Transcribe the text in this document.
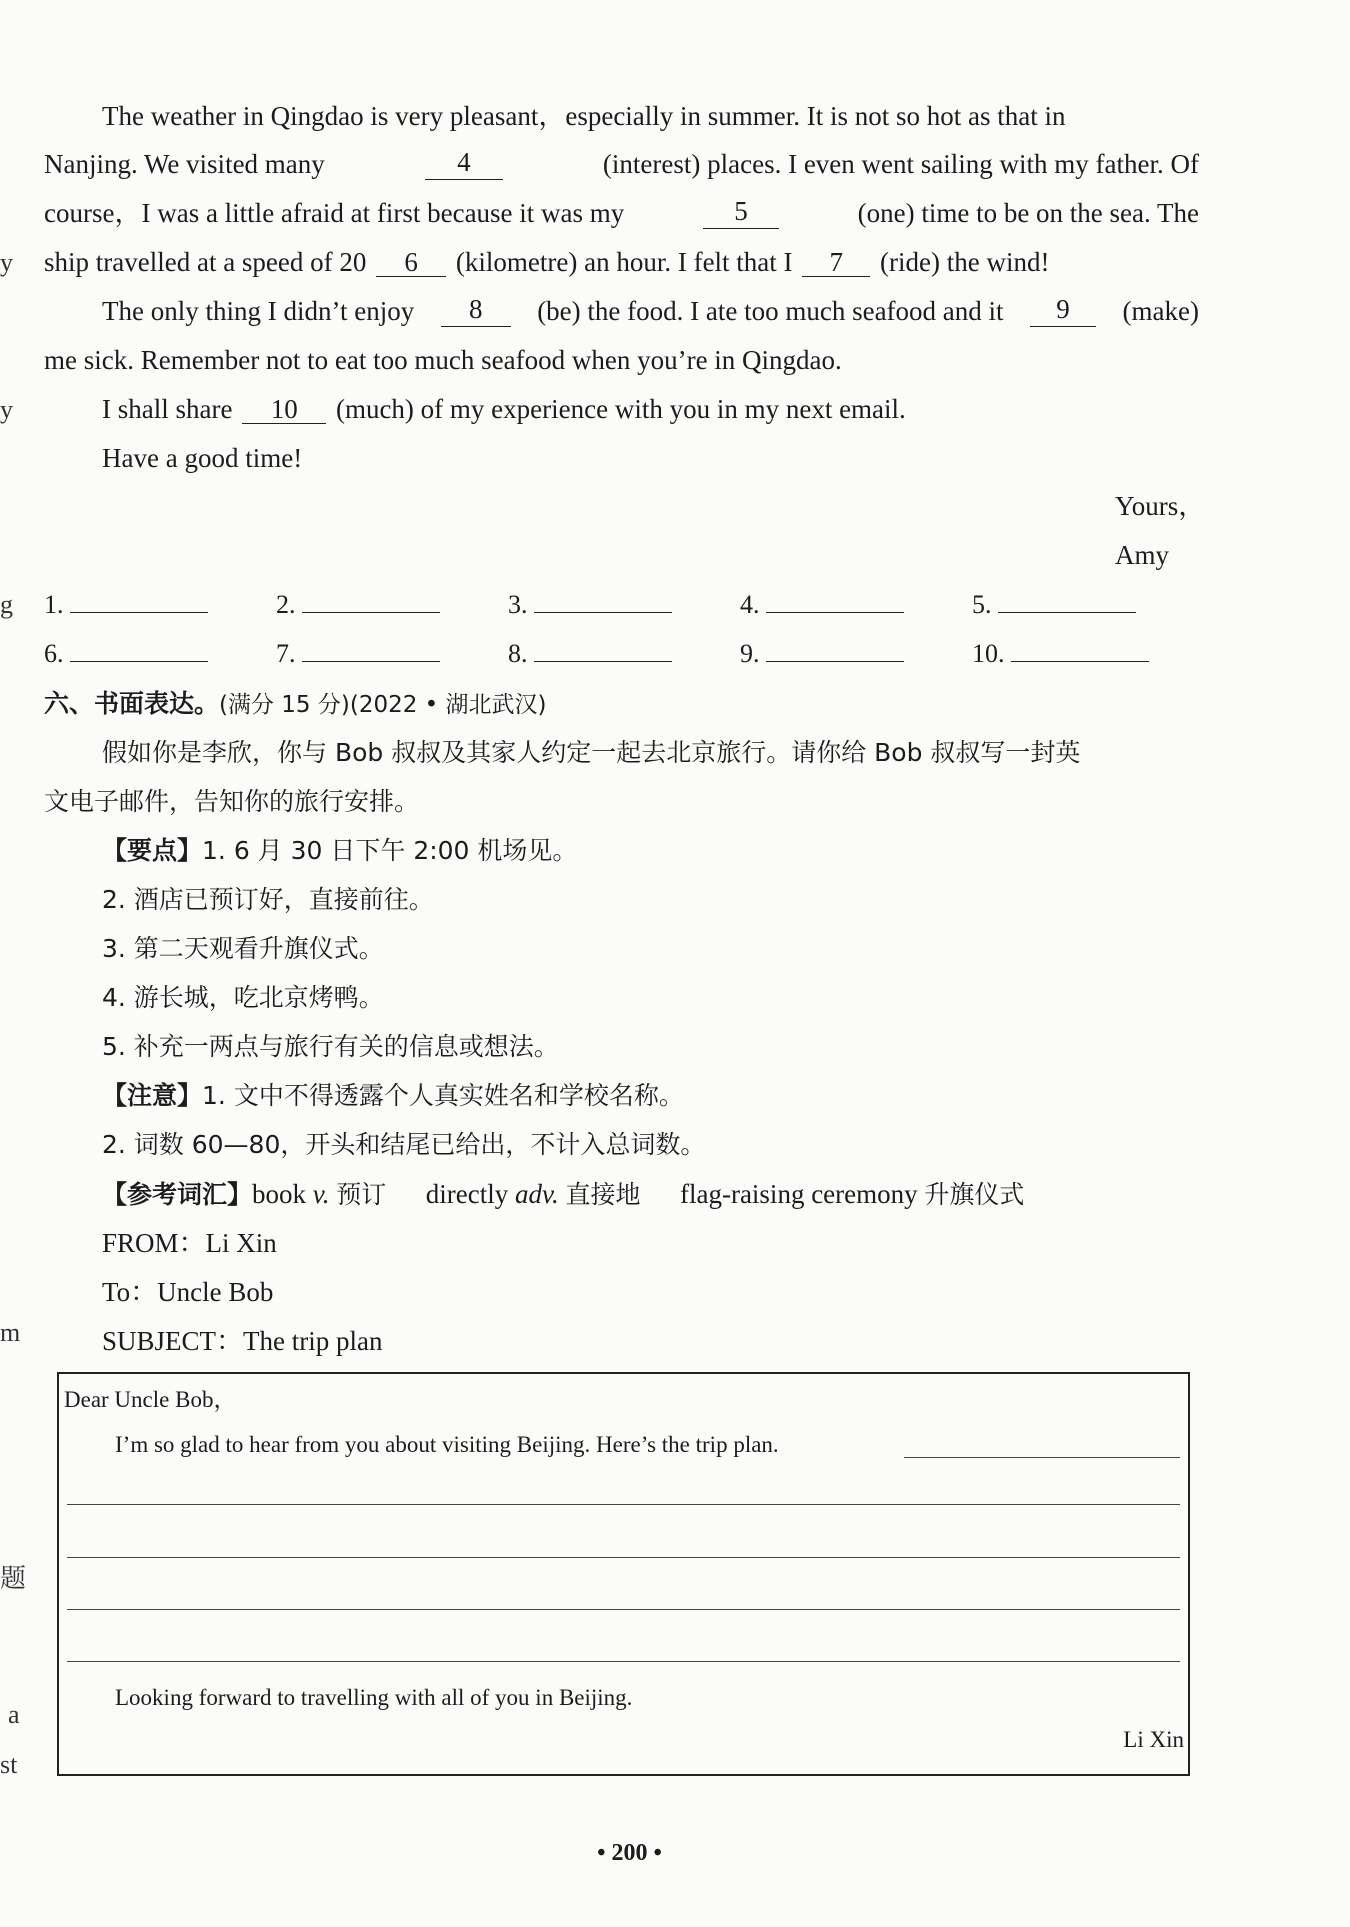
y
y
g
m
题
a
st
The weather in Qingdao is very pleasant，especially in summer. It is not so hot as that in
Nanjing. We visited many	4	(interest) places. I even went sailing with my father. Of
course，I was a little afraid at first because it was my	5	(one) time to be on the sea. The
ship travelled at a speed of 20 6 (kilometre) an hour. I felt that I 7 (ride) the wind!
The only thing I didn’t enjoy	8	(be) the food. I ate too much seafood and it	9	(make)
me sick. Remember not to eat too much seafood when you’re in Qingdao.
I shall share 10 (much) of my experience with you in my next email.
Have a good time!
Yours，
Amy
1.	2.	3.	4.	5.
6.	7.	8.	9.	10.
六、书面表达。(满分 15 分)(2022 • 湖北武汉)
假如你是李欣，你与 Bob 叔叔及其家人约定一起去北京旅行。请你给 Bob 叔叔写一封英
文电子邮件，告知你的旅行安排。
【要点】1. 6 月 30 日下午 2:00 机场见。
2. 酒店已预订好，直接前往。
3. 第二天观看升旗仪式。
4. 游长城，吃北京烤鸭。
5. 补充一两点与旅行有关的信息或想法。
【注意】1. 文中不得透露个人真实姓名和学校名称。
2. 词数 60—80，开头和结尾已给出，不计入总词数。
【参考词汇】book v. 预订 directly adv. 直接地 flag-raising ceremony 升旗仪式
FROM：Li Xin
To：Uncle Bob
SUBJECT：The trip plan
Dear Uncle Bob，
I’m so glad to hear from you about visiting Beijing. Here’s the trip plan.
Looking forward to travelling with all of you in Beijing.
Li Xin
• 200 •
